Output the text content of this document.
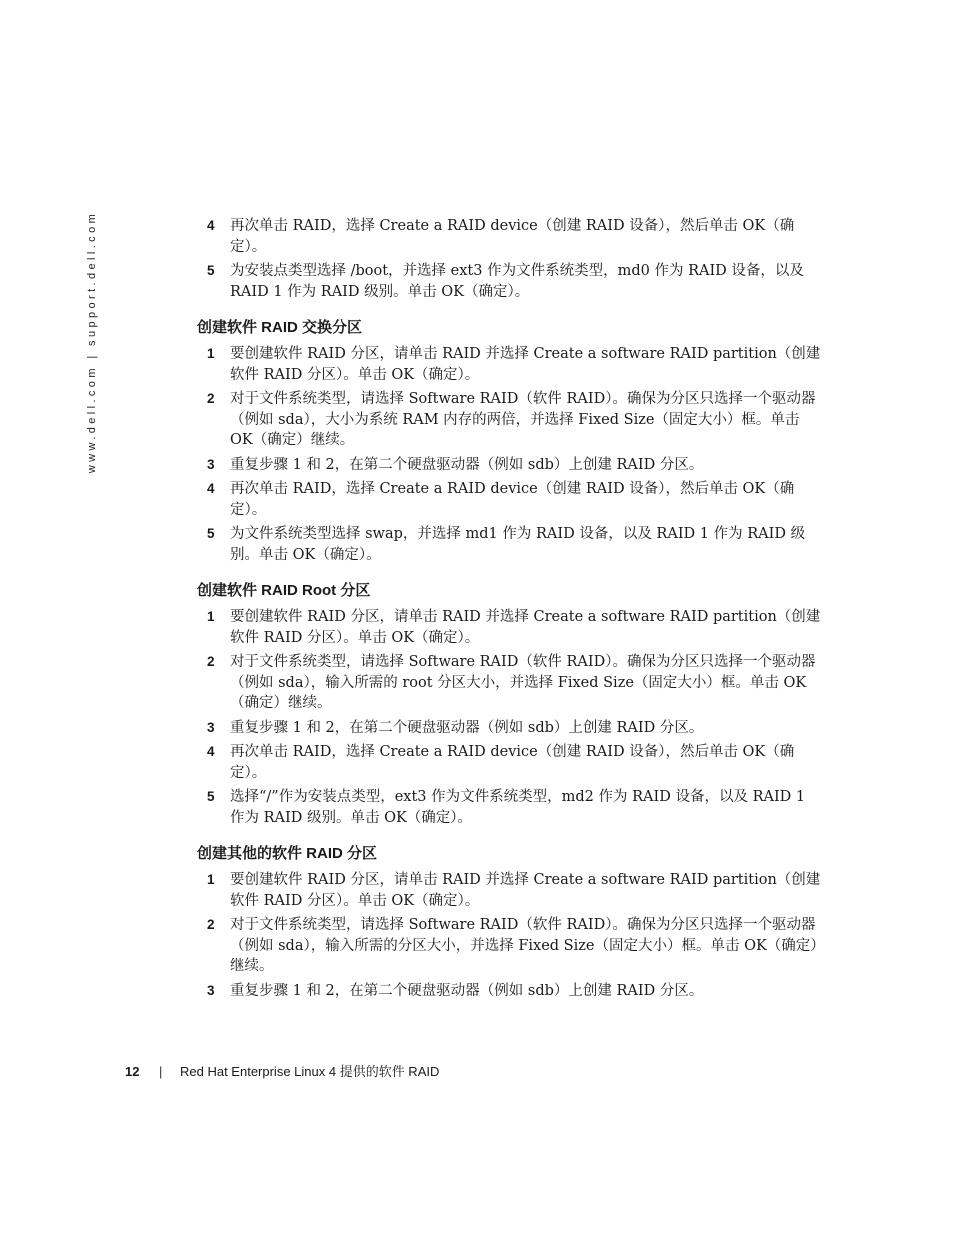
www.dell.com | support.dell.com	4 再次单击 RAID，选择 Create a RAID device（创建 RAID 设备），然后单击 OK（确定）。
5 为安装点类型选择 /boot，并选择 ext3 作为文件系统类型，md0 作为 RAID 设备，以及 RAID 1 作为 RAID 级别。单击 OK（确定）。
创建软件 RAID 交换分区
1 要创建软件 RAID 分区，请单击 RAID 并选择 Create a software RAID partition（创建软件 RAID 分区）。单击 OK（确定）。
2 对于文件系统类型，请选择 Software RAID（软件 RAID）。确保为分区只选择一个驱动器（例如 sda），大小为系统 RAM 内存的两倍，并选择 Fixed Size（固定大小）框。单击 OK（确定）继续。
3 重复步骤 1 和 2，在第二个硬盘驱动器（例如 sdb）上创建 RAID 分区。
4 再次单击 RAID，选择 Create a RAID device（创建 RAID 设备），然后单击 OK（确定）。
5 为文件系统类型选择 swap，并选择 md1 作为 RAID 设备，以及 RAID 1 作为 RAID 级别。单击 OK（确定）。
创建软件 RAID Root 分区
1 要创建软件 RAID 分区，请单击 RAID 并选择 Create a software RAID partition（创建软件 RAID 分区）。单击 OK（确定）。
2 对于文件系统类型，请选择 Software RAID（软件 RAID）。确保为分区只选择一个驱动器（例如 sda），输入所需的 root 分区大小，并选择 Fixed Size（固定大小）框。单击 OK（确定）继续。
3 重复步骤 1 和 2，在第二个硬盘驱动器（例如 sdb）上创建 RAID 分区。
4 再次单击 RAID，选择 Create a RAID device（创建 RAID 设备），然后单击 OK（确定）。
5 选择“/”作为安装点类型，ext3 作为文件系统类型，md2 作为 RAID 设备，以及 RAID 1 作为 RAID 级别。单击 OK（确定）。
创建其他的软件 RAID 分区
1 要创建软件 RAID 分区，请单击 RAID 并选择 Create a software RAID partition（创建软件 RAID 分区）。单击 OK（确定）。
2 对于文件系统类型，请选择 Software RAID（软件 RAID）。确保为分区只选择一个驱动器（例如 sda），输入所需的分区大小，并选择 Fixed Size（固定大小）框。单击 OK（确定）继续。
3 重复步骤 1 和 2，在第二个硬盘驱动器（例如 sdb）上创建 RAID 分区。
12 | Red Hat Enterprise Linux 4 提供的软件 RAID
